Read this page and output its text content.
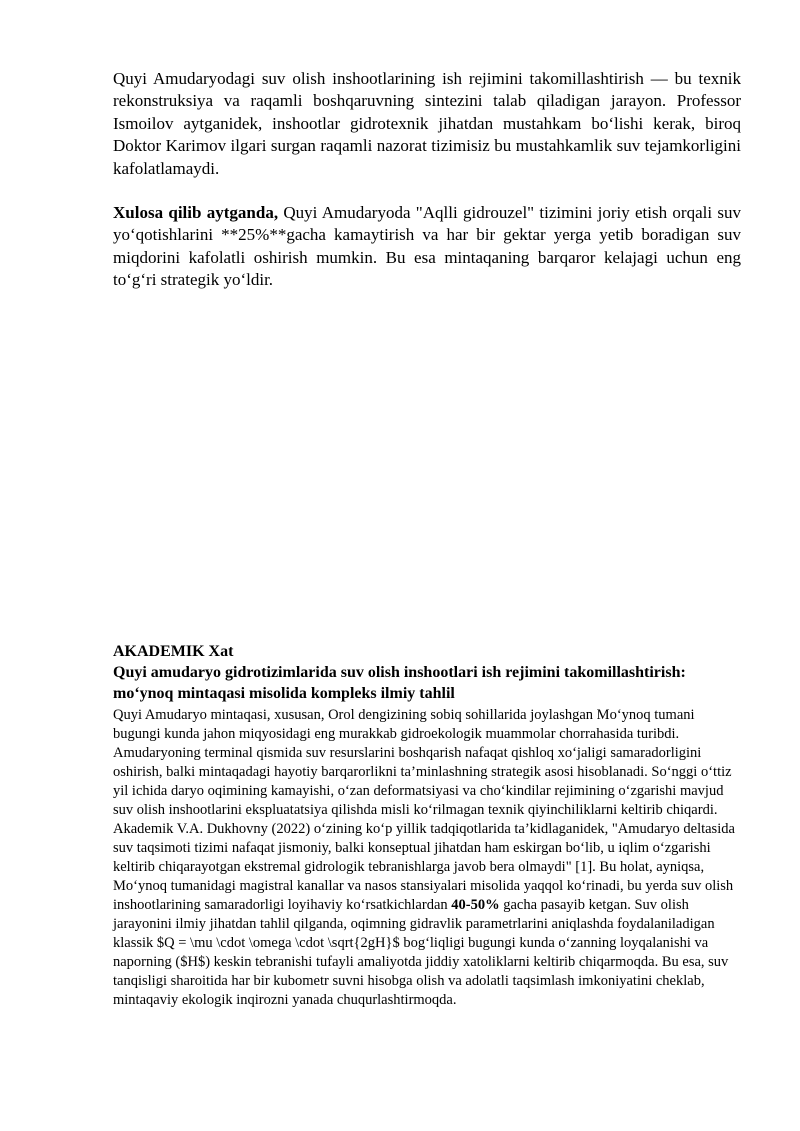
Quyi Amudaryodagi suv olish inshootlarining ish rejimini takomillashtirish — bu texnik rekonstruksiya va raqamli boshqaruvning sintezini talab qiladigan jarayon. Professor Ismoilov aytganidek, inshootlar gidrotexnik jihatdan mustahkam bo‘lishi kerak, biroq Doktor Karimov ilgari surgan raqamli nazorat tizimisiz bu mustahkamlik suv tejamkorligini kafolatlamaydi.

Xulosa qilib aytganda, Quyi Amudaryoda "Aqlli gidrouzel" tizimini joriy etish orqali suv yo‘qotishlarini **25%**gacha kamaytirish va har bir gektar yerga yetib boradigan suv miqdorini kafolatli oshirish mumkin. Bu esa mintaqaning barqaror kelajagi uchun eng to‘g‘ri strategik yo‘ldir.

AKADEMIK Xat
Quyi amudaryo gidrotizimlarida suv olish inshootlari ish rejimini takomillashtirish: mo‘ynoq mintaqasi misolida kompleks ilmiy tahlil

Quyi Amudaryo mintaqasi, xususan, Orol dengizining sobiq sohillarida joylashgan Mo‘ynoq tumani bugungi kunda jahon miqyosidagi eng murakkab gidroekologik muammolar chorrahasida turibdi. Amudaryoning terminal qismida suv resurslarini boshqarish nafaqat qishloq xo‘jaligi samaradorligini oshirish, balki mintaqadagi hayotiy barqarorlikni ta’minlashning strategik asosi hisoblanadi. So‘nggi o‘ttiz yil ichida daryo oqimining kamayishi, o‘zan deformatsiyasi va cho‘kindilar rejimining o‘zgarishi mavjud suv olish inshootlarini ekspluatatsiya qilishda misli ko‘rilmagan texnik qiyinchiliklarni keltirib chiqardi. Akademik V.A. Dukhovny (2022) o‘zining ko‘p yillik tadqiqotlarida ta’kidlaganidek, "Amudaryo deltasida suv taqsimoti tizimi nafaqat jismoniy, balki konseptual jihatdan ham eskirgan bo‘lib, u iqlim o‘zgarishi keltirib chiqarayotgan ekstremal gidrologik tebranishlarga javob bera olmaydi" [1]. Bu holat, ayniqsa, Mo‘ynoq tumanidagi magistral kanallar va nasos stansiyalari misolida yaqqol ko‘rinadi, bu yerda suv olish inshootlarining samaradorligi loyihaviy ko‘rsatkichlardan 40-50% gacha pasayib ketgan. Suv olish jarayonini ilmiy jihatdan tahlil qilganda, oqimning gidravlik parametrlarini aniqlashda foydalaniladigan klassik $Q = \mu \cdot \omega \cdot \sqrt{2gH}$ bog‘liqligi bugungi kunda o‘zanning loyqalanishi va naporning ($H$) keskin tebranishi tufayli amaliyotda jiddiy xatoliklarni keltirib chiqarmoqda. Bu esa, suv tanqisligi sharoitida har bir kubometr suvni hisobga olish va adolatli taqsimlash imkoniyatini cheklab, mintaqaviy ekologik inqirozni yanada chuqurlashtirmoqda.
